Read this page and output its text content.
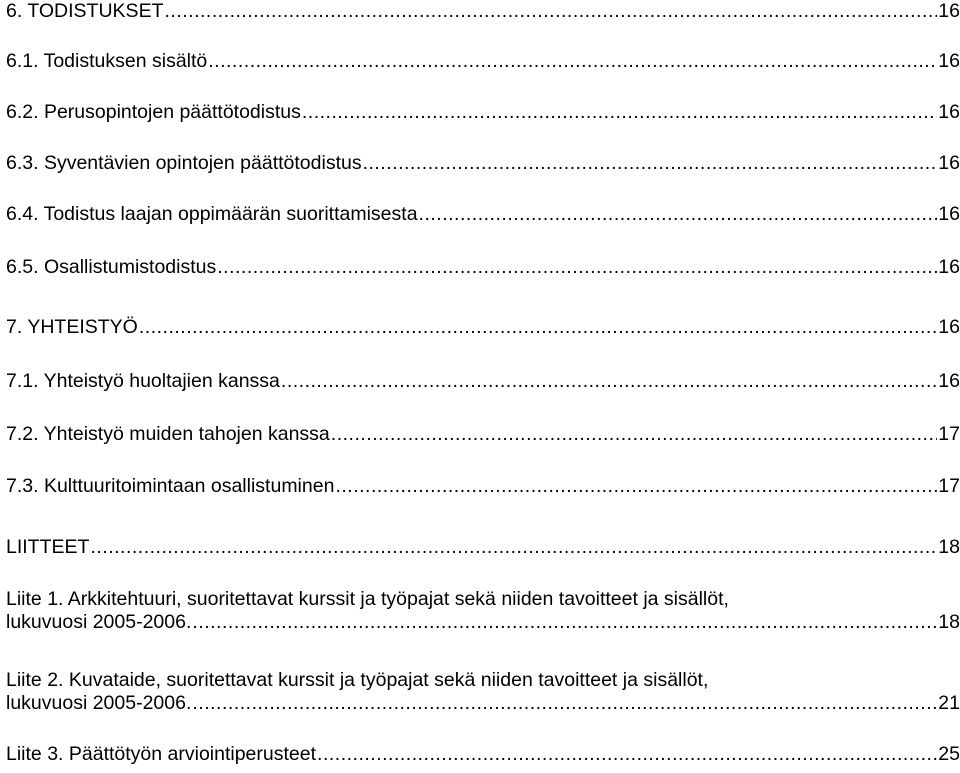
6. TODISTUKSET .....	16
6.1. Todistuksen sisältö .....	16
6.2. Perusopintojen päättötodistus .....	16
6.3. Syventävien opintojen päättötodistus .....	16
6.4. Todistus laajan oppimäärän suorittamisesta .....	16
6.5. Osallistumistodistus .....	16
7. YHTEISTYÖ .....	16
7.1. Yhteistyö huoltajien kanssa .....	16
7.2. Yhteistyö muiden tahojen kanssa .....	17
7.3. Kulttuuritoimintaan osallistuminen .....	17
LIITTEET .....	18
Liite 1. Arkkitehtuuri, suoritettavat kurssit ja työpajat sekä niiden tavoitteet ja sisällöt,
lukuvuosi 2005-2006. .....	18
Liite 2. Kuvataide, suoritettavat kurssit ja työpajat sekä niiden tavoitteet ja sisällöt,
lukuvuosi 2005-2006. .....	21
Liite 3. Päättötyön arviointiperusteet .....	25
